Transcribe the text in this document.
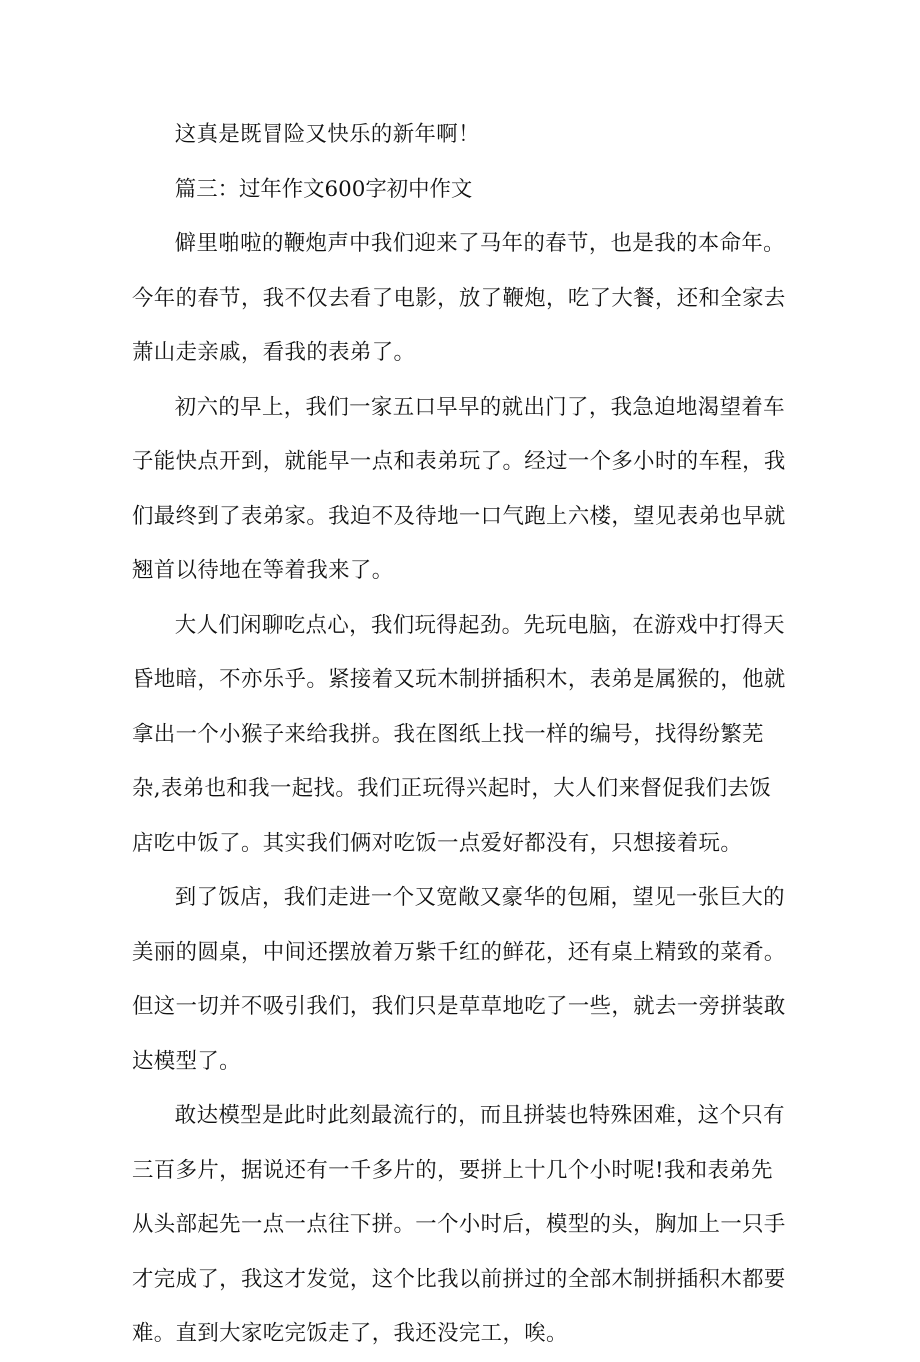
这真是既冒险又快乐的新年啊！

篇三：过年作文600字初中作文

僻里啪啦的鞭炮声中我们迎来了马年的春节，也是我的本命年。今年的春节，我不仅去看了电影，放了鞭炮，吃了大餐，还和全家去萧山走亲戚，看我的表弟了。

初六的早上，我们一家五口早早的就出门了，我急迫地渴望着车子能快点开到，就能早一点和表弟玩了。经过一个多小时的车程，我们最终到了表弟家。我迫不及待地一口气跑上六楼，望见表弟也早就翘首以待地在等着我来了。

大人们闲聊吃点心，我们玩得起劲。先玩电脑，在游戏中打得天昏地暗，不亦乐乎。紧接着又玩木制拼插积木，表弟是属猴的，他就拿出一个小猴子来给我拼。我在图纸上找一样的编号，找得纷繁芜杂,表弟也和我一起找。我们正玩得兴起时，大人们来督促我们去饭店吃中饭了。其实我们俩对吃饭一点爱好都没有，只想接着玩。

到了饭店，我们走进一个又宽敞又豪华的包厢，望见一张巨大的美丽的圆桌，中间还摆放着万紫千红的鲜花，还有桌上精致的菜肴。但这一切并不吸引我们，我们只是草草地吃了一些，就去一旁拼装敢达模型了。

敢达模型是此时此刻最流行的，而且拼装也特殊困难，这个只有三百多片，据说还有一千多片的，要拼上十几个小时呢!我和表弟先从头部起先一点一点往下拼。一个小时后，模型的头，胸加上一只手才完成了，我这才发觉，这个比我以前拼过的全部木制拼插积木都要难。直到大家吃完饭走了，我还没完工，唉。
